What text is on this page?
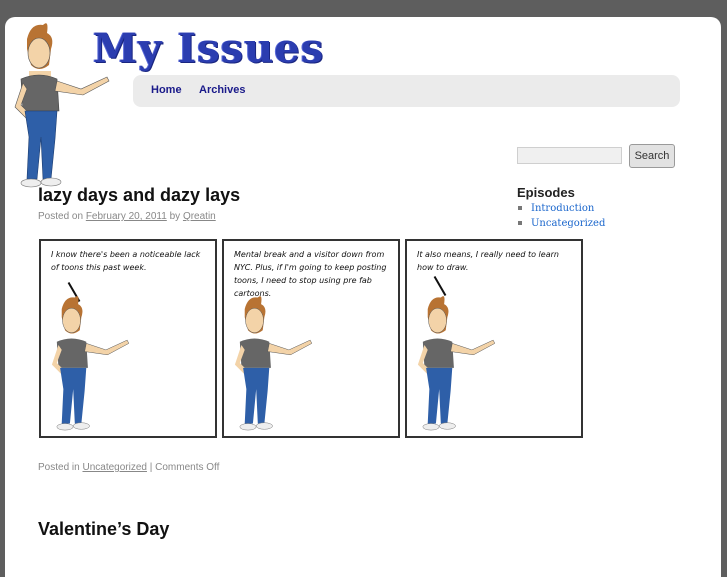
My Issues
Home Archives
Search
Episodes
Introduction
Uncategorized
lazy days and dazy lays
Posted on February 20, 2011 by Qreatin
I know there's been a noticeable lack of toons this past week.
Mental break and a visitor down from NYC. Plus, if I'm going to keep posting toons, I need to stop using pre fab cartoons.
It also means, I really need to learn how to draw.
Posted in Uncategorized | Comments Off
Valentine’s Day
